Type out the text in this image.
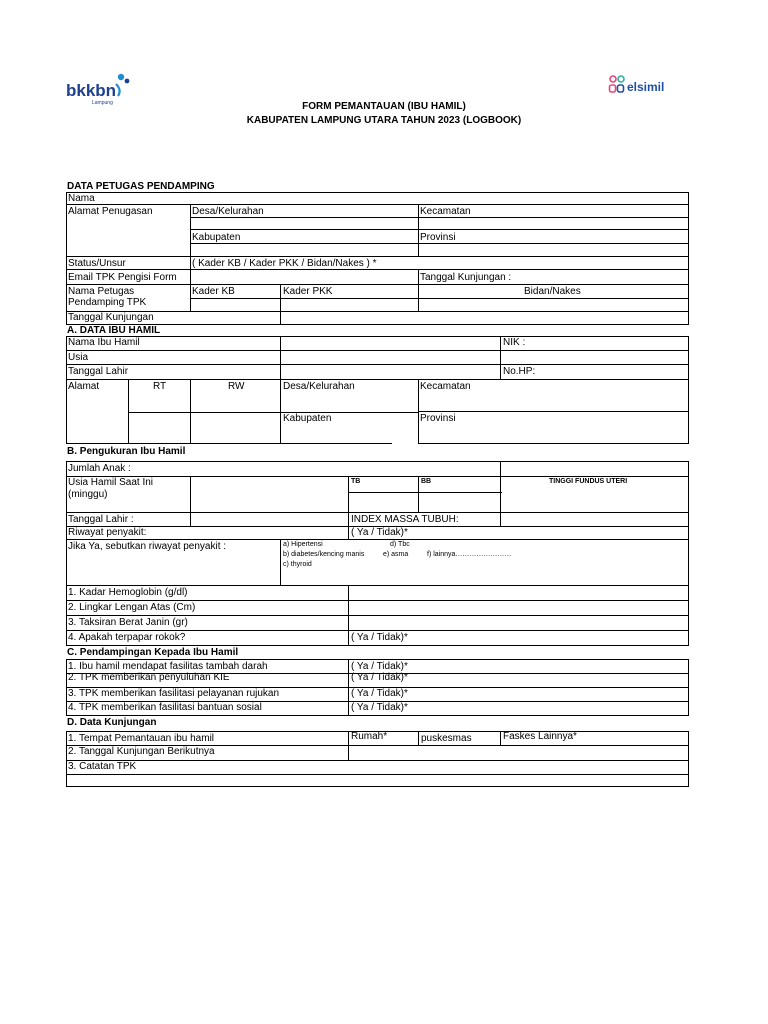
bkkbn
Lampung
elsimil
FORM PEMANTAUAN (IBU HAMIL)
KABUPATEN LAMPUNG UTARA TAHUN 2023 (LOGBOOK)
DATA PETUGAS PENDAMPING
A. DATA IBU HAMIL
B. Pengukuran Ibu Hamil
C. Pendampingan Kepada Ibu Hamil
D. Data Kunjungan
Nama
Alamat Penugasan	Desa/Kelurahan	Kecamatan
Kabupaten	Provinsi
Status/Unsur	( Kader KB / Kader PKK / Bidan/Nakes ) *
Email TPK Pengisi Form	Tanggal Kunjungan :
Nama Petugas
Pendamping TPK
Kader KB	Kader PKK	Bidan/Nakes
Tanggal Kunjungan
Nama Ibu Hamil	NIK :
Usia
Tanggal Lahir	No.HP:
Alamat	RT	RW	Desa/Kelurahan	Kecamatan
Kabupaten	Provinsi
Jumlah Anak :
Usia Hamil Saat Ini
(minggu)
TB	BB	TINGGI FUNDUS UTERI
Tanggal Lahir :	INDEX MASSA TUBUH:
Riwayat penyakit:	( Ya / Tidak)*
Jika Ya, sebutkan riwayat penyakit :	a) Hipertensi	d) Tbc
b) diabetes/kencing manis	e) asma	f) lainnya……………………
c) thyroid
1. Kadar Hemoglobin (g/dl)
2. Lingkar Lengan Atas (Cm)
3. Taksiran Berat Janin (gr)
4. Apakah terpapar rokok?	( Ya / Tidak)*
1. Ibu hamil mendapat fasilitas tambah darah	( Ya / Tidak)*
2. TPK memberikan penyuluhan KIE	( Ya / Tidak)*
3. TPK memberikan fasilitasi pelayanan rujukan	( Ya / Tidak)*
4. TPK memberikan fasilitasi bantuan sosial	( Ya / Tidak)*
1. Tempat Pemantauan ibu hamil	Rumah*	puskesmas	Faskes Lainnya*
2. Tanggal Kunjungan Berikutnya
3. Catatan TPK
